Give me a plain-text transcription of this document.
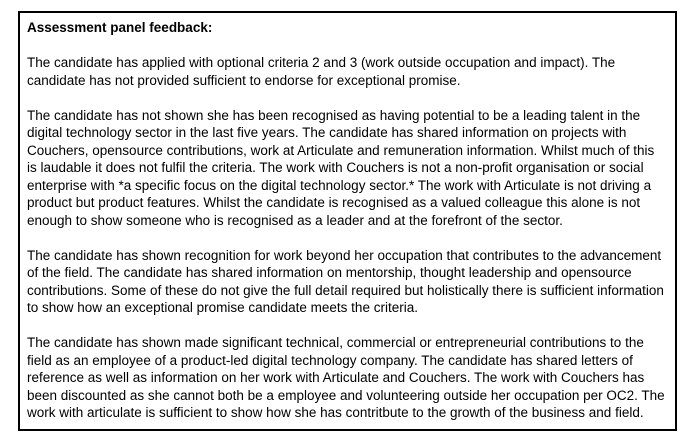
Assessment panel feedback:
The candidate has applied with optional criteria 2 and 3 (work outside occupation and impact). The candidate has not provided sufficient to endorse for exceptional promise.
The candidate has not shown she has been recognised as having potential to be a leading talent in the digital technology sector in the last five years. The candidate has shared information on projects with Couchers, opensource contributions, work at Articulate and remuneration information. Whilst much of this is laudable it does not fulfil the criteria. The work with Couchers is not a non-profit organisation or social enterprise with *a specific focus on the digital technology sector.* The work with Articulate is not driving a product but product features. Whilst the candidate is recognised as a valued colleague this alone is not enough to show someone who is recognised as a leader and at the forefront of the sector.
The candidate has shown recognition for work beyond her occupation that contributes to the advancement of the field. The candidate has shared information on mentorship, thought leadership and opensource contributions. Some of these do not give the full detail required but holistically there is sufficient information to show how an exceptional promise candidate meets the criteria.
The candidate has shown made significant technical, commercial or entrepreneurial contributions to the field as an employee of a product-led digital technology company. The candidate has shared letters of reference as well as information on her work with Articulate and Couchers. The work with Couchers has been discounted as she cannot both be a employee and volunteering outside her occupation per OC2. The work with articulate is sufficient to show how she has contritbute to the growth of the business and field.
